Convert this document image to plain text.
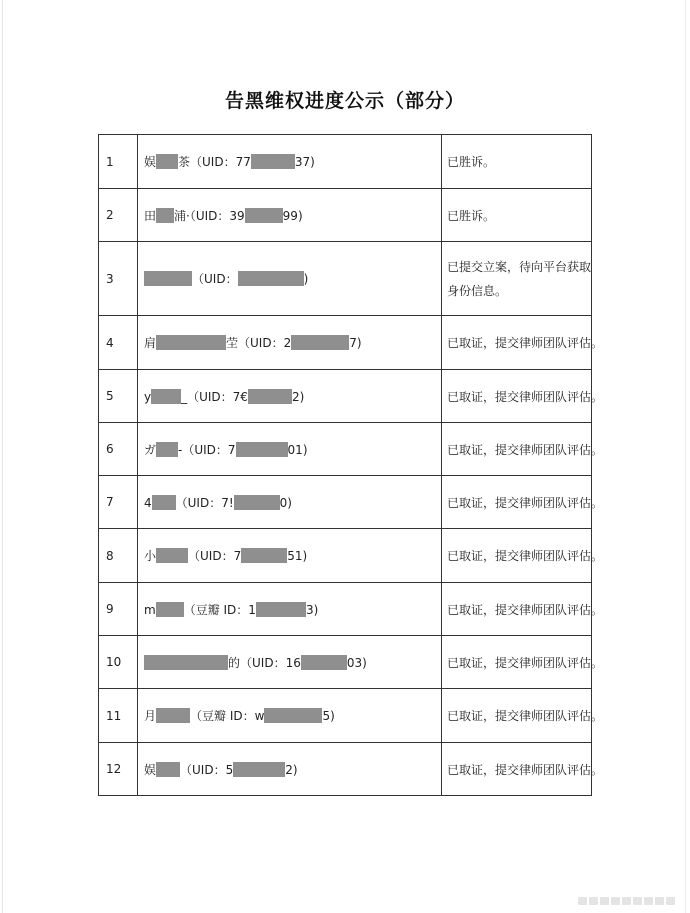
告黑维权进度公示（部分）
1	娱 茶（UID：77 37)	已胜诉。
2	田 浦·（UID：39 99)	已胜诉。
3	（UID： )	已提交立案，待向平台获取身份信息。
4	肩 茔（UID：2 7)	已取证，提交律师团队评估。
5	y _（UID：7€ 2)	已取证，提交律师团队评估。
6	ガ -（UID：7 01)	已取证，提交律师团队评估。
7	4 （UID：7! 0)	已取证，提交律师团队评估。
8	小 （UID：7 51)	已取证，提交律师团队评估。
9	m （豆瓣 ID：1 3)	已取证，提交律师团队评估。
10	的（UID：16 03)	已取证，提交律师团队评估。
11	月 （豆瓣 ID：w 5)	已取证，提交律师团队评估。
12	娱 （UID：5 2)	已取证，提交律师团队评估。
